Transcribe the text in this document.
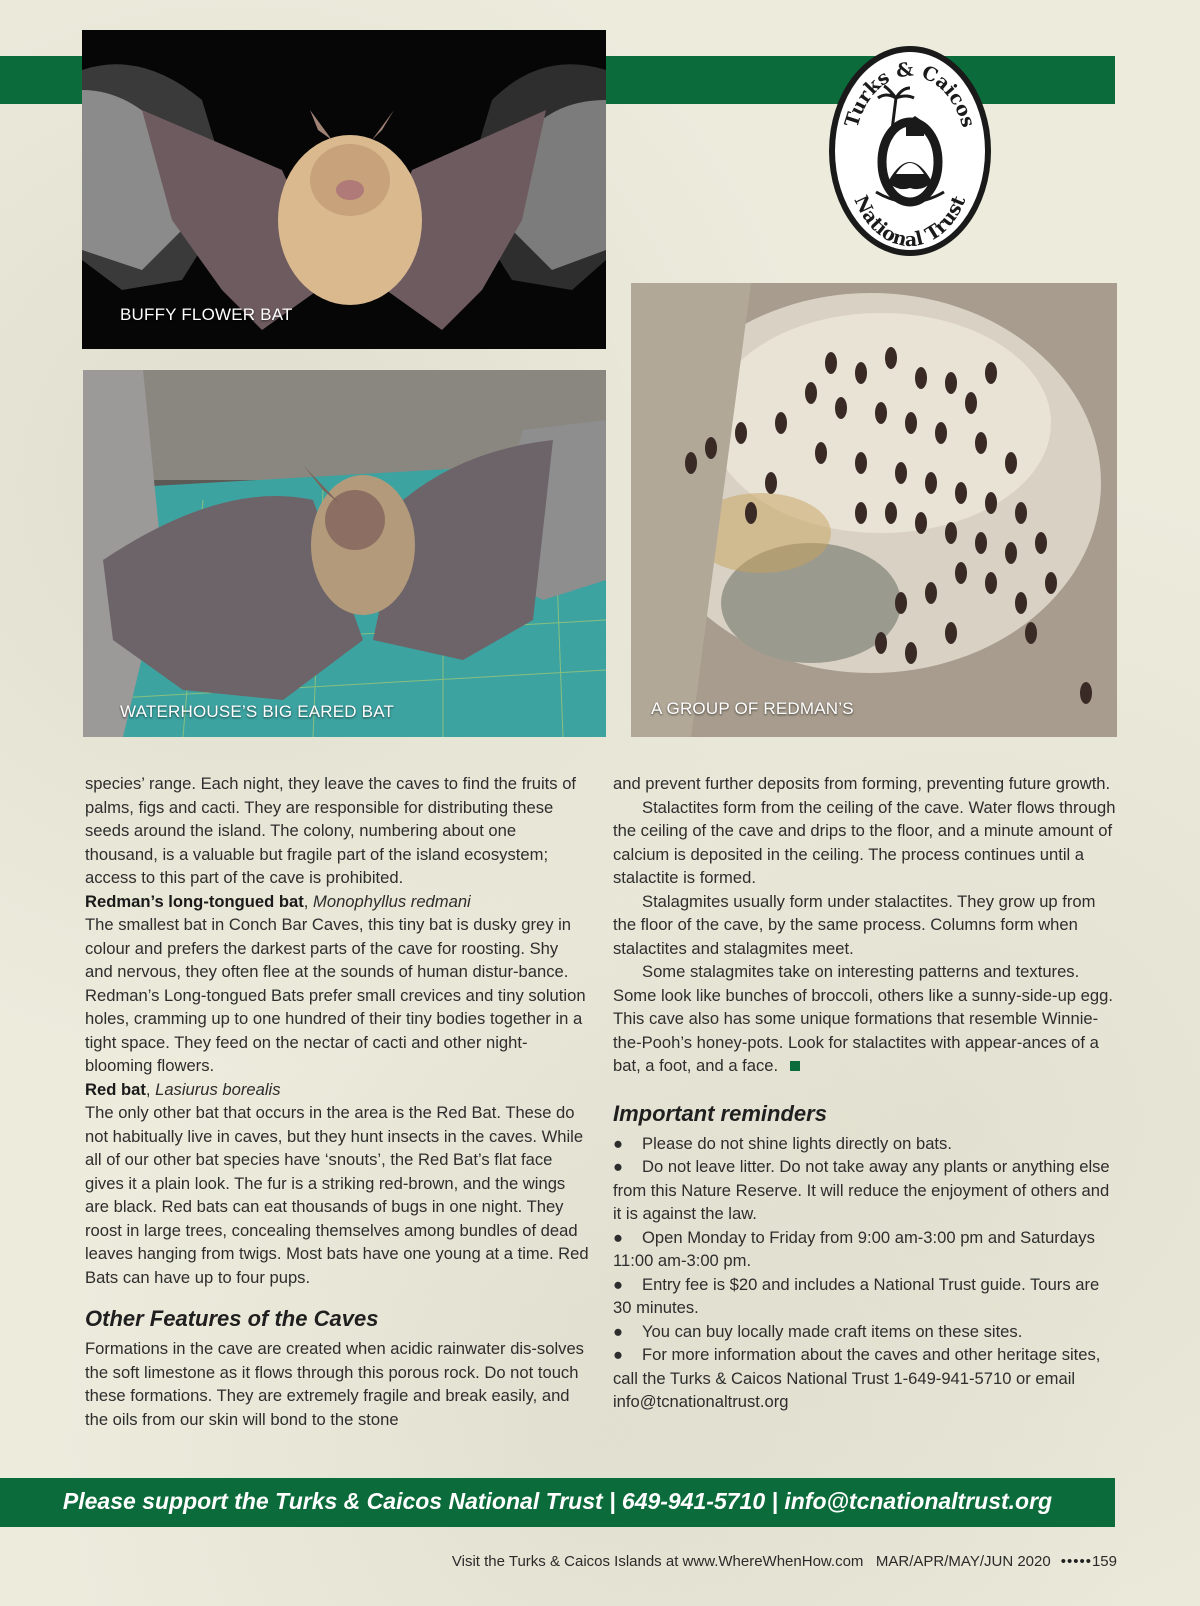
BUFFY FLOWER BAT
WATERHOUSE’S BIG EARED BAT	A GROUP OF REDMAN’S
Turks & Caicos
National Trust

species’ range. Each night, they leave the caves to find the fruits of palms, figs and cacti. They are responsible for distributing these seeds around the island. The colony, numbering about one thousand, is a valuable but fragile part of the island ecosystem; access to this part of the cave is prohibited.

Redman’s long-tongued bat, Monophyllus redmani

The smallest bat in Conch Bar Caves, this tiny bat is dusky grey in colour and prefers the darkest parts of the cave for roosting. Shy and nervous, they often flee at the sounds of human distur-bance. Redman’s Long-tongued Bats prefer small crevices and tiny solution holes, cramming up to one hundred of their tiny bodies together in a tight space. They feed on the nectar of cacti and other night-blooming flowers.

Red bat, Lasiurus borealis

The only other bat that occurs in the area is the Red Bat. These do not habitually live in caves, but they hunt insects in the caves. While all of our other bat species have ‘snouts’, the Red Bat’s flat face gives it a plain look. The fur is a striking red-brown, and the wings are black. Red bats can eat thousands of bugs in one night. They roost in large trees, concealing themselves among bundles of dead leaves hanging from twigs. Most bats have one young at a time. Red Bats can have up to four pups.

Other Features of the Caves

Formations in the cave are created when acidic rainwater dis-solves the soft limestone as it flows through this porous rock. Do not touch these formations. They are extremely fragile and break easily, and the oils from our skin will bond to the stone

and prevent further deposits from forming, preventing future growth.

Stalactites form from the ceiling of the cave. Water flows through the ceiling of the cave and drips to the floor, and a minute amount of calcium is deposited in the ceiling. The process continues until a stalactite is formed.

Stalagmites usually form under stalactites. They grow up from the floor of the cave, by the same process. Columns form when stalactites and stalagmites meet.

Some stalagmites take on interesting patterns and textures. Some look like bunches of broccoli, others like a sunny-side-up egg. This cave also has some unique formations that resemble Winnie-the-Pooh’s honey-pots. Look for stalactites with appear-ances of a bat, a foot, and a face.

Important reminders

● Please do not shine lights directly on bats.

● Do not leave litter. Do not take away any plants or anything else from this Nature Reserve. It will reduce the enjoyment of others and it is against the law.

● Open Monday to Friday from 9:00 am-3:00 pm and Saturdays 11:00 am-3:00 pm.

● Entry fee is $20 and includes a National Trust guide. Tours are 30 minutes.

● You can buy locally made craft items on these sites.

● For more information about the caves and other heritage sites, call the Turks & Caicos National Trust 1-649-941-5710 or email info@tcnationaltrust.org

Please support the Turks & Caicos National Trust | 649-941-5710 | info@tcnationaltrust.org
Visit the Turks & Caicos Islands at www.WhereWhenHow.com   MAR/APR/MAY/JUN 2020 •••••159
